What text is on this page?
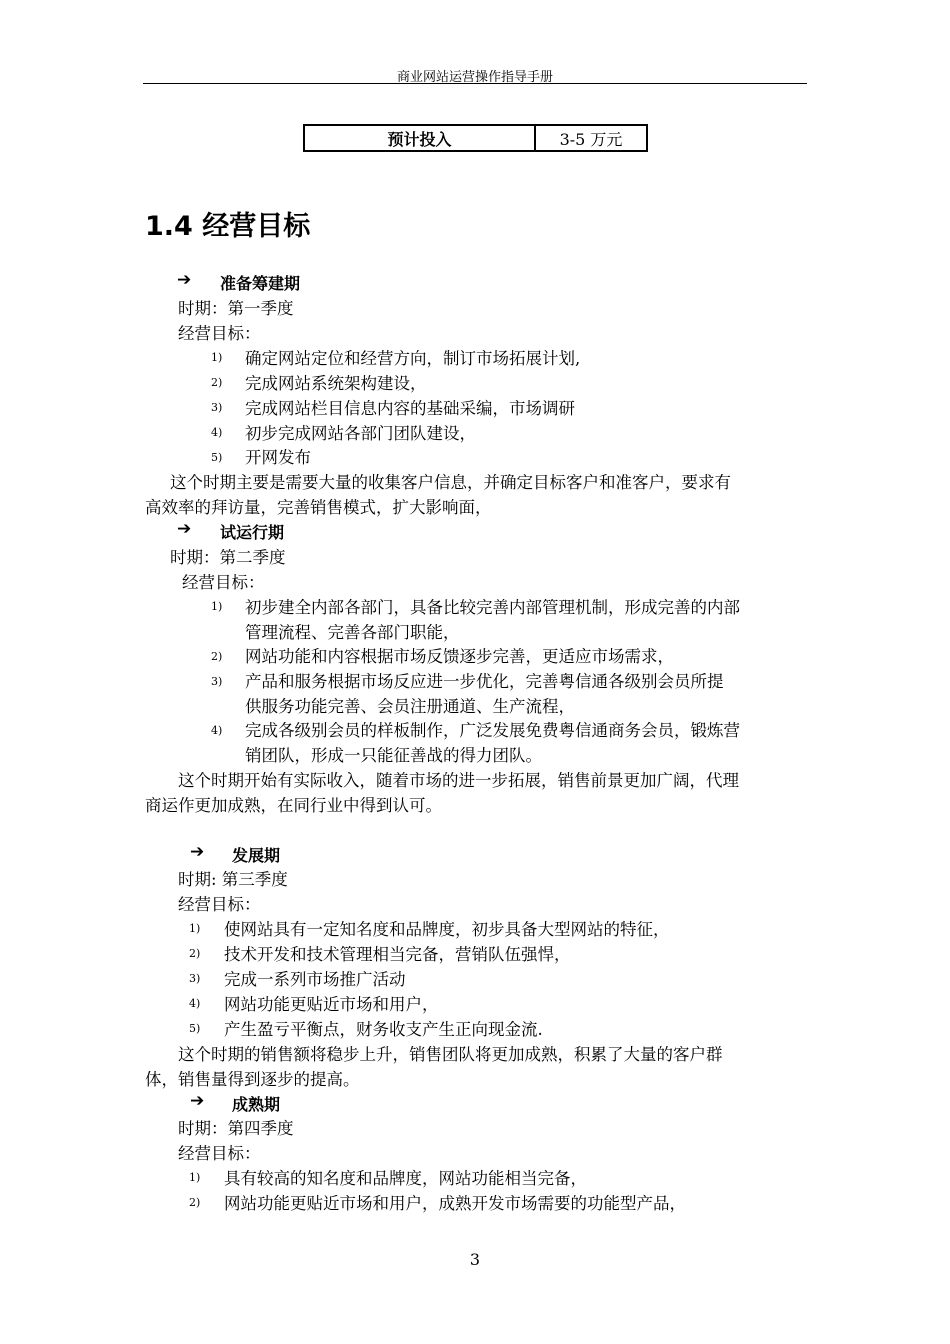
商业网站运营操作指导手册
预计投入	3-5 万元
1.4 经营目标
➔ 准备筹建期
时期：第一季度
经营目标：
1) 确定网站定位和经营方向，制订市场拓展计划,
2) 完成网站系统架构建设，
3) 完成网站栏目信息内容的基础采编，市场调研
4) 初步完成网站各部门团队建设，
5) 开网发布
这个时期主要是需要大量的收集客户信息，并确定目标客户和准客户，要求有
高效率的拜访量，完善销售模式，扩大影响面，
➔ 试运行期
时期：第二季度
经营目标：
1) 初步建全内部各部门，具备比较完善内部管理机制，形成完善的内部
管理流程、完善各部门职能，
2) 网站功能和内容根据市场反馈逐步完善，更适应市场需求，
3) 产品和服务根据市场反应进一步优化，完善粤信通各级别会员所提
供服务功能完善、会员注册通道、生产流程，
4) 完成各级别会员的样板制作，广泛发展免费粤信通商务会员，锻炼营
销团队，形成一只能征善战的得力团队。
这个时期开始有实际收入，随着市场的进一步拓展，销售前景更加广阔，代理
商运作更加成熟，在同行业中得到认可。
➔ 发展期
时期: 第三季度
经营目标：
1) 使网站具有一定知名度和品牌度，初步具备大型网站的特征，
2) 技术开发和技术管理相当完备，营销队伍强悍，
3) 完成一系列市场推广活动
4) 网站功能更贴近市场和用户，
5) 产生盈亏平衡点，财务收支产生正向现金流.
这个时期的销售额将稳步上升，销售团队将更加成熟，积累了大量的客户群
体，销售量得到逐步的提高。
➔ 成熟期
时期：第四季度
经营目标：
1) 具有较高的知名度和品牌度，网站功能相当完备，
2) 网站功能更贴近市场和用户，成熟开发市场需要的功能型产品，
3
